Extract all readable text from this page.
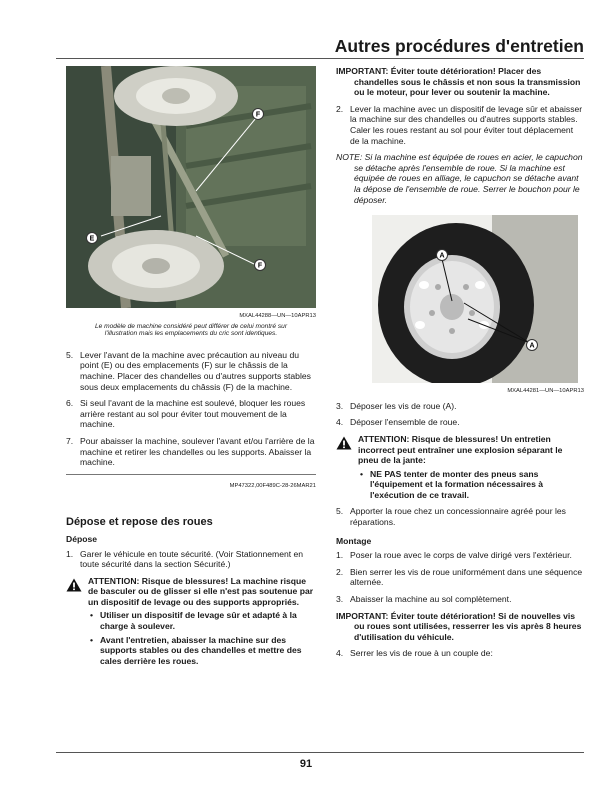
Autres procédures d'entretien
F
E
F
MXAL44288—UN—10APR13
Le modèle de machine considéré peut différer de celui montré sur l'illustration mais les emplacements du cric sont identiques.
5. Lever l'avant de la machine avec précaution au niveau du point (E) ou des emplacements (F) sur le châssis de la machine. Placer des chandelles ou d'autres supports stables sous deux emplacements du châssis (F) de la machine.
6. Si seul l'avant de la machine est soulevé, bloquer les roues arrière restant au sol pour éviter tout mouvement de la machine.
7. Pour abaisser la machine, soulever l'avant et/ou l'arrière de la machine et retirer les chandelles ou les supports. Abaisser la machine.
MP47322,00F489C-28-26MAR21
Dépose et repose des roues
Dépose
1. Garer le véhicule en toute sécurité. (Voir Stationnement en toute sécurité dans la section Sécurité.)
ATTENTION: Risque de blessures! La machine risque de basculer ou de glisser si elle n'est pas soutenue par un dispositif de levage ou des supports appropriés.
• Utiliser un dispositif de levage sûr et adapté à la charge à soulever.
• Avant l'entretien, abaisser la machine sur des supports stables ou des chandelles et mettre des cales derrière les roues.
IMPORTANT: Éviter toute détérioration! Placer des chandelles sous le châssis et non sous la transmission ou le moteur, pour lever ou soutenir la machine.
2. Lever la machine avec un dispositif de levage sûr et abaisser la machine sur des chandelles ou d'autres supports stables. Caler les roues restant au sol pour éviter tout déplacement de la machine.
NOTE: Si la machine est équipée de roues en acier, le capuchon se détache après l'ensemble de roue. Si la machine est équipée de roues en alliage, le capuchon se détache avant la dépose de l'ensemble de roue. Serrer le bouchon pour le déposer.
A
A
MXAL44281—UN—10APR13
3. Déposer les vis de roue (A).
4. Déposer l'ensemble de roue.
ATTENTION: Risque de blessures! Un entretien incorrect peut entraîner une explosion séparant le pneu de la jante:
• NE PAS tenter de monter des pneus sans l'équipement et la formation nécessaires à l'exécution de ce travail.
5. Apporter la roue chez un concessionnaire agréé pour les réparations.
Montage
1. Poser la roue avec le corps de valve dirigé vers l'extérieur.
2. Bien serrer les vis de roue uniformément dans une séquence alternée.
3. Abaisser la machine au sol complètement.
IMPORTANT: Éviter toute détérioration! Si de nouvelles vis ou roues sont utilisées, resserrer les vis après 8 heures d'utilisation du véhicule.
4. Serrer les vis de roue à un couple de:
91
